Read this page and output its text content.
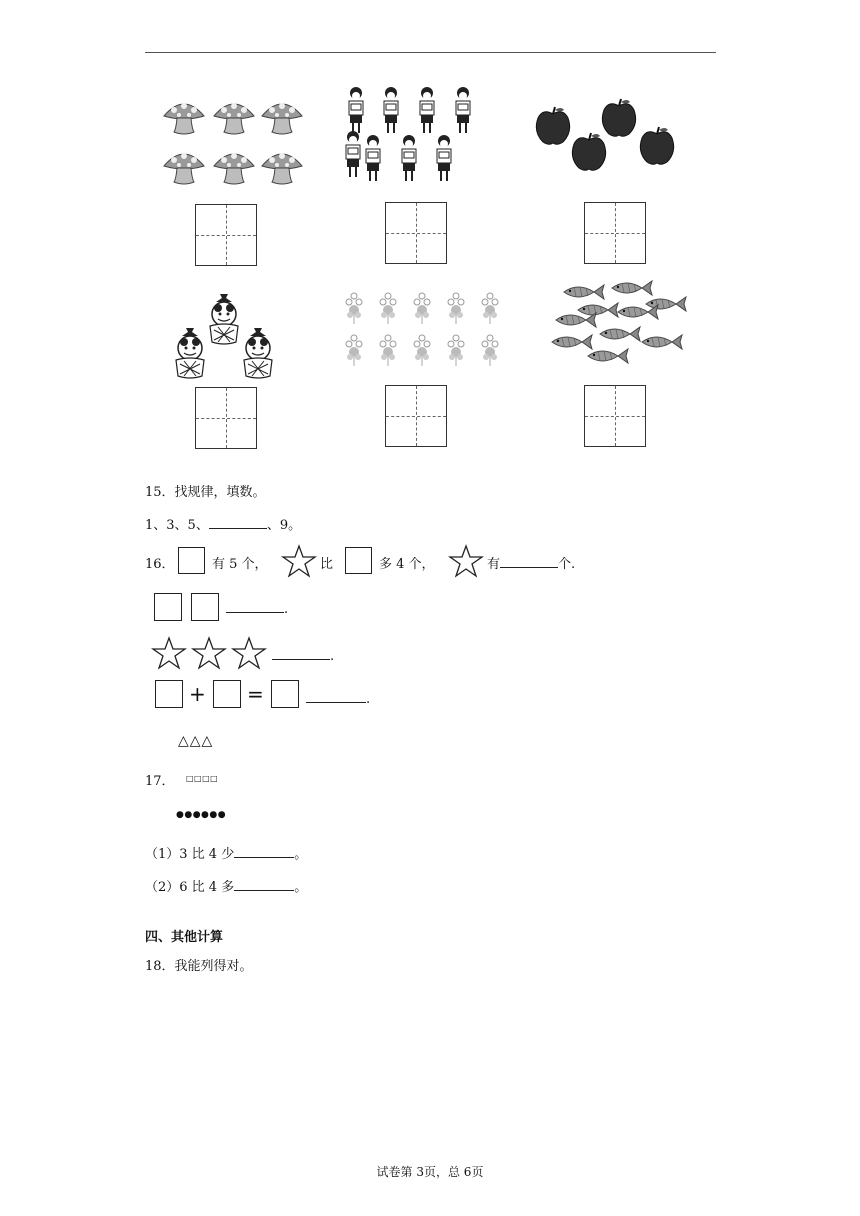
15．找规律，填数。
1、3、5、	、9。
16．	有 5 个，	比	多 4 个，	有	个.
.
.
+ =	.
△△△
17． □□□□
●●●●●●
（1）3 比 4 少	。
（2）6 比 4 多	。
四、其他计算
18．我能列得对。
试卷第 3页，总 6页
